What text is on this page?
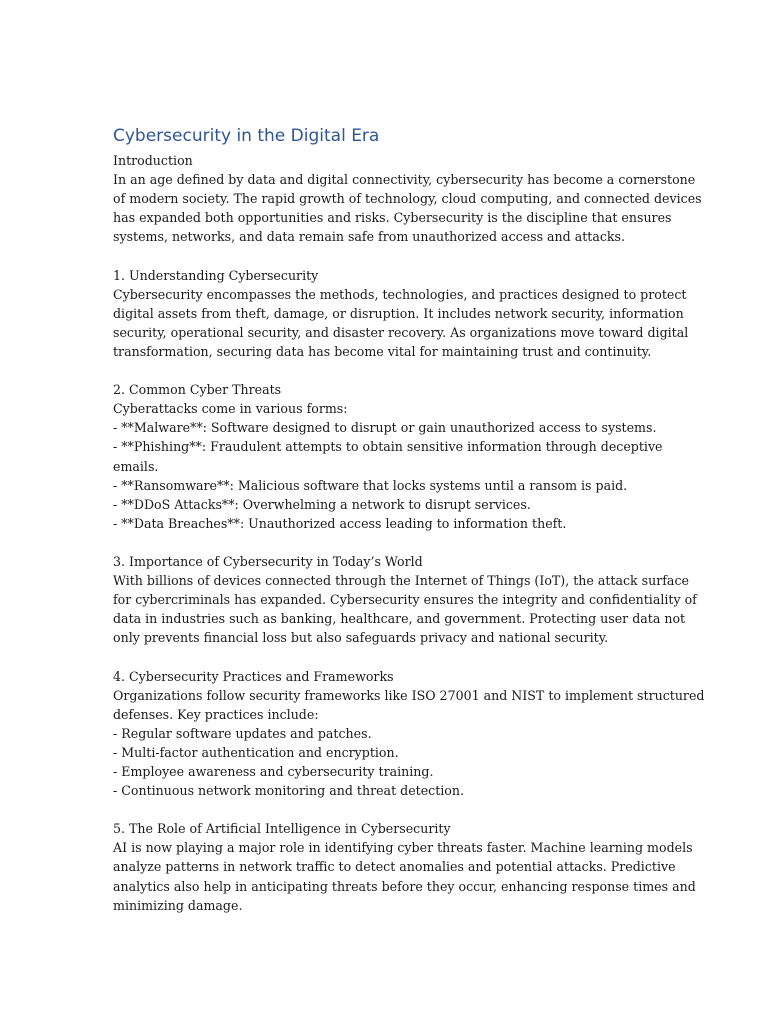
Cybersecurity in the Digital Era
Introduction
In an age defined by data and digital connectivity, cybersecurity has become a cornerstone
of modern society. The rapid growth of technology, cloud computing, and connected devices
has expanded both opportunities and risks. Cybersecurity is the discipline that ensures
systems, networks, and data remain safe from unauthorized access and attacks.
1. Understanding Cybersecurity
Cybersecurity encompasses the methods, technologies, and practices designed to protect
digital assets from theft, damage, or disruption. It includes network security, information
security, operational security, and disaster recovery. As organizations move toward digital
transformation, securing data has become vital for maintaining trust and continuity.
2. Common Cyber Threats
Cyberattacks come in various forms:
- **Malware**: Software designed to disrupt or gain unauthorized access to systems.
- **Phishing**: Fraudulent attempts to obtain sensitive information through deceptive
emails.
- **Ransomware**: Malicious software that locks systems until a ransom is paid.
- **DDoS Attacks**: Overwhelming a network to disrupt services.
- **Data Breaches**: Unauthorized access leading to information theft.
3. Importance of Cybersecurity in Today’s World
With billions of devices connected through the Internet of Things (IoT), the attack surface
for cybercriminals has expanded. Cybersecurity ensures the integrity and confidentiality of
data in industries such as banking, healthcare, and government. Protecting user data not
only prevents financial loss but also safeguards privacy and national security.
4. Cybersecurity Practices and Frameworks
Organizations follow security frameworks like ISO 27001 and NIST to implement structured
defenses. Key practices include:
- Regular software updates and patches.
- Multi-factor authentication and encryption.
- Employee awareness and cybersecurity training.
- Continuous network monitoring and threat detection.
5. The Role of Artificial Intelligence in Cybersecurity
AI is now playing a major role in identifying cyber threats faster. Machine learning models
analyze patterns in network traffic to detect anomalies and potential attacks. Predictive
analytics also help in anticipating threats before they occur, enhancing response times and
minimizing damage.
